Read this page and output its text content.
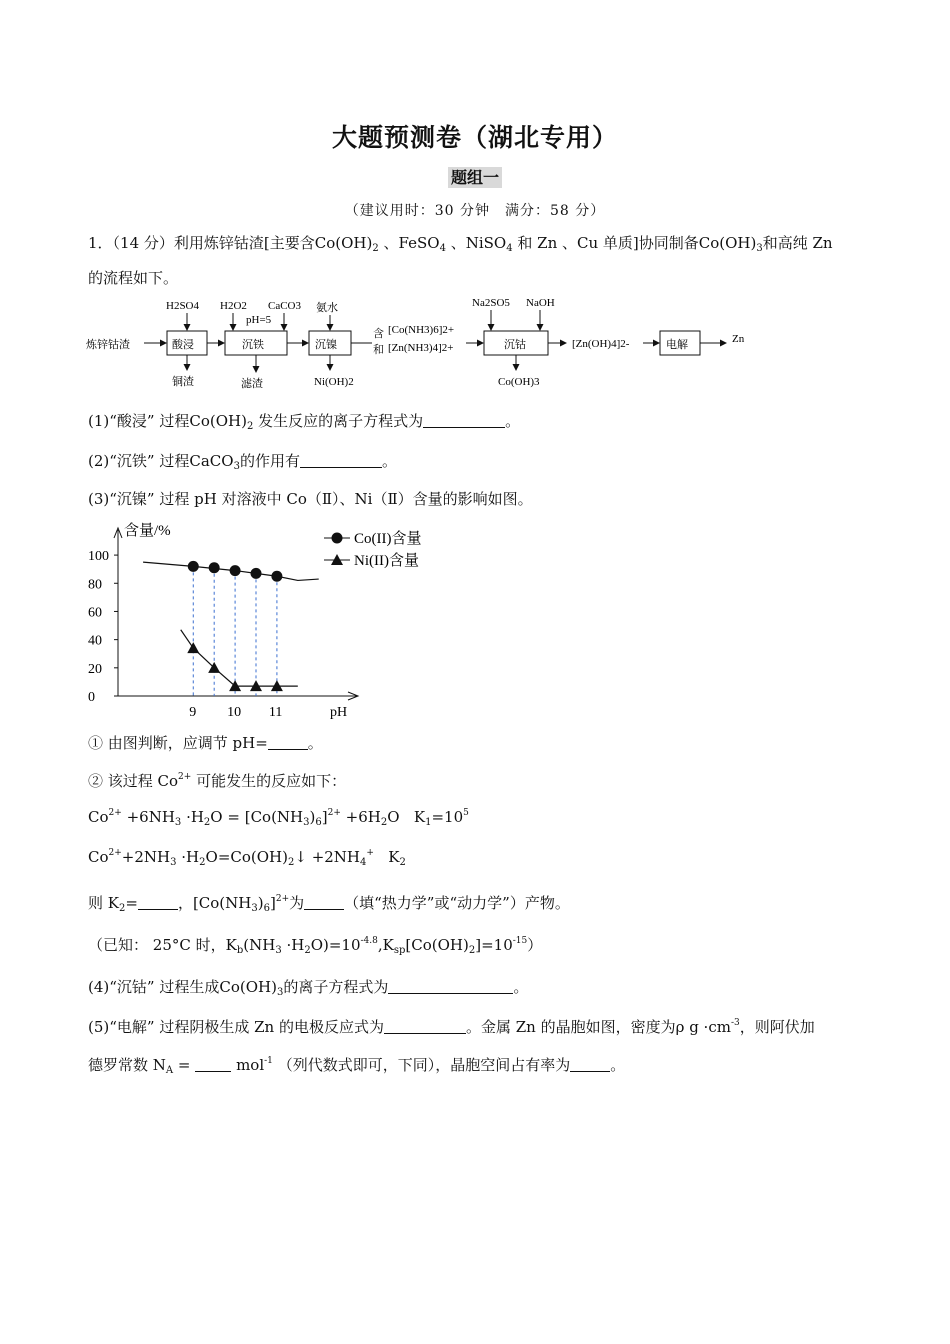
大题预测卷（湖北专用）
题组一
（建议用时：30 分钟　满分：58 分）
1．（14 分）利用炼锌钴渣[主要含$Co(OH)_2$ 、FeSO$_4$ 、NiSO$_4$ 和 Zn 、Cu 单质]协同制备$Co(OH)_3$和高纯 Zn
的流程如下。
炼锌钴渣	酸浸
H2SO4
铜渣
沉铁
H2O2 CaCO3
pH=5
滤渣
沉镍
氨水
Ni(OH)2
含
和
[Co(NH3)6]2+
[Zn(NH3)4]2+	沉钴
Na2SO5 NaOH
Co(OH)3
[Zn(OH)4]2-	电解	Zn
(1)“酸浸” 过程$Co(OH)_2$ 发生反应的离子方程式为	。
(2)“沉铁” 过程CaCO$_3$的作用有	。
(3)“沉镍” 过程 pH 对溶液中 Co（Ⅱ）、Ni（Ⅱ）含量的影响如图。
含量/%
pH
100
80
60
40
20
0
9 10 11
Co(II)含量
Ni(II)含量
① 由图判断，应调节 pH=	。
② 该过程 $Co^{2+}$ 可能发生的反应如下：
$Co^{2+} +6NH_3 \cdot H_2O = [Co(NH_3)_6]^{2+} +6H_2O$ $K_1=10^5$
$Co^{2+}+2NH_3$ $\cdot H_2O=Co(OH)_2↓ +2NH_4^+$ $K_2$
则 $K_2=$	，$[Co(NH_3)_6]^{2+}$为	（填“热力学”或“动力学”）产物。
（已知： 25°C 时，$K_b(NH_3 \cdot H_2O)=10^{-4.8},K_{sp}[Co(OH)_2]=10^{-15}$）
(4)“沉钴” 过程生成$Co(OH)_3$的离子方程式为	。
(5)“电解” 过程阴极生成 Zn 的电极反应式为	。金属 Zn 的晶胞如图，密度为ρ $g \cdot cm^{-3}$，则阿伏加
德罗常数 $N_A$ =	mol$^{-1}$ （列代数式即可，下同），晶胞空间占有率为	。
